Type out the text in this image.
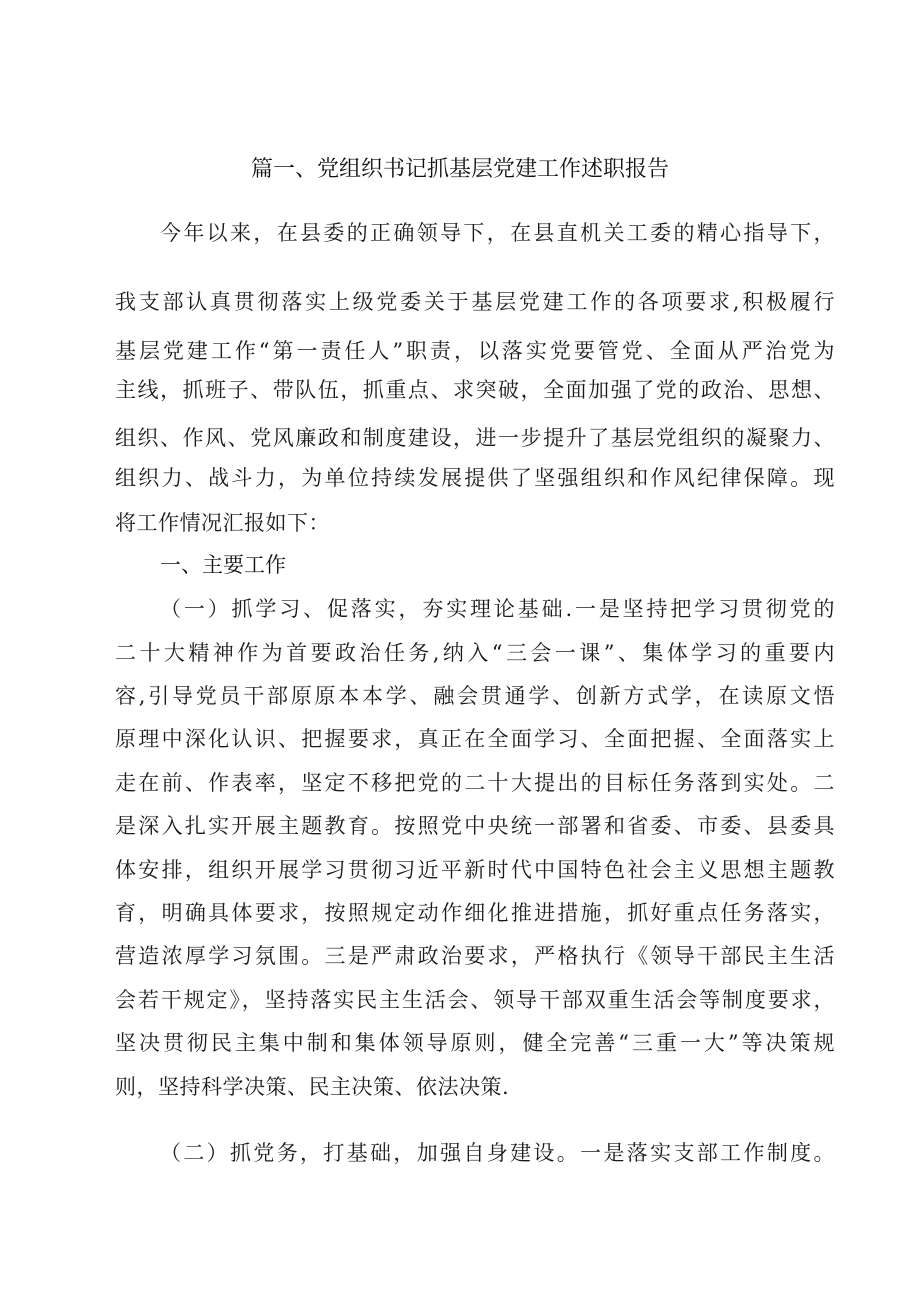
篇一、党组织书记抓基层党建工作述职报告
今年以来，在县委的正确领导下，在县直机关工委的精心指导下，
我支部认真贯彻落实上级党委关于基层党建工作的各项要求,积极履行
基层党建工作“第一责任人”职责，以落实党要管党、全面从严治党为
主线，抓班子、带队伍，抓重点、求突破，全面加强了党的政治、思想、
组织、作风、党风廉政和制度建设，进一步提升了基层党组织的凝聚力、
组织力、战斗力，为单位持续发展提供了坚强组织和作风纪律保障。现
将工作情况汇报如下：
一、主要工作
（一）抓学习、促落实，夯实理论基础.一是坚持把学习贯彻党的
二十大精神作为首要政治任务,纳入“三会一课”、集体学习的重要内
容,引导党员干部原原本本学、融会贯通学、创新方式学，在读原文悟
原理中深化认识、把握要求，真正在全面学习、全面把握、全面落实上
走在前、作表率，坚定不移把党的二十大提出的目标任务落到实处。二
是深入扎实开展主题教育。按照党中央统一部署和省委、市委、县委具
体安排，组织开展学习贯彻习近平新时代中国特色社会主义思想主题教
育，明确具体要求，按照规定动作细化推进措施，抓好重点任务落实，
营造浓厚学习氛围。三是严肃政治要求，严格执行《领导干部民主生活
会若干规定》，坚持落实民主生活会、领导干部双重生活会等制度要求，
坚决贯彻民主集中制和集体领导原则，健全完善“三重一大”等决策规
则，坚持科学决策、民主决策、依法决策.
（二）抓党务，打基础，加强自身建设。一是落实支部工作制度。
